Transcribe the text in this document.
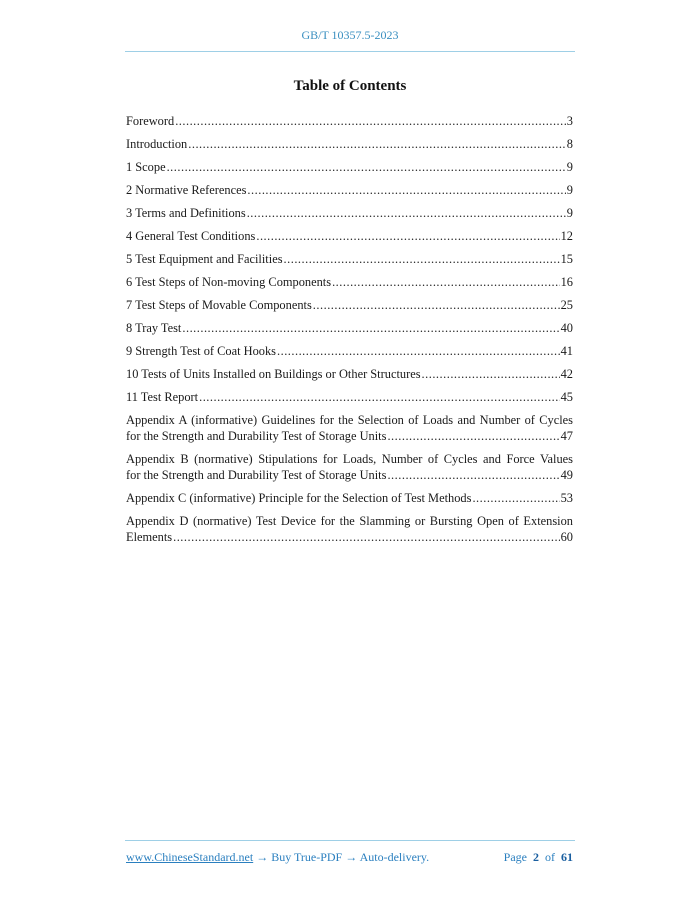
GB/T 10357.5-2023
Table of Contents
Foreword .....	3
Introduction .....	8
1 Scope .....	9
2 Normative References .....	9
3 Terms and Definitions .....	9
4 General Test Conditions .....	12
5 Test Equipment and Facilities .....	15
6 Test Steps of Non-moving Components .....	16
7 Test Steps of Movable Components .....	25
8 Tray Test .....	40
9 Strength Test of Coat Hooks .....	41
10 Tests of Units Installed on Buildings or Other Structures .....	42
11 Test Report .....	45
Appendix A (informative) Guidelines for the Selection of Loads and Number of Cycles
for the Strength and Durability Test of Storage Units .....	47
Appendix B (normative) Stipulations for Loads, Number of Cycles and Force Values
for the Strength and Durability Test of Storage Units .....	49
Appendix C (informative) Principle for the Selection of Test Methods .....	53
Appendix D (normative) Test Device for the Slamming or Bursting Open of Extension
Elements .....	60
www.ChineseStandard.net → Buy True-PDF → Auto-delivery.	Page 2 of 61
